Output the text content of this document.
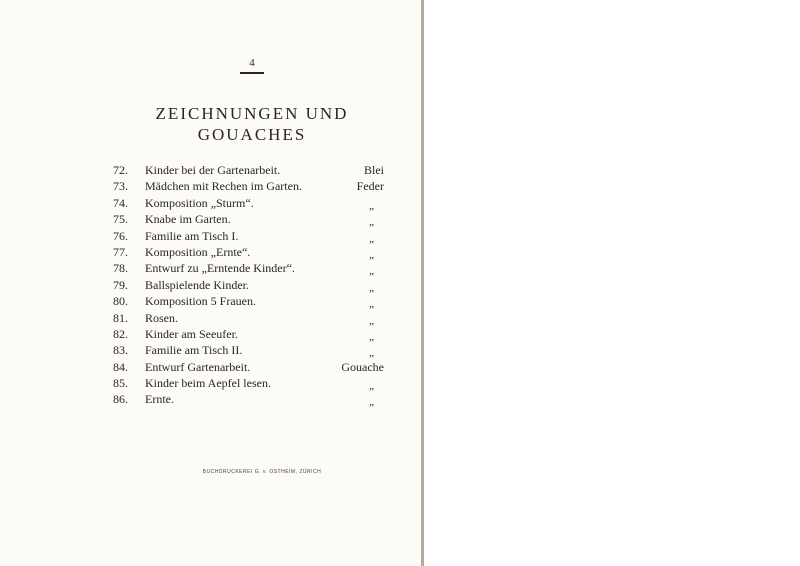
4
ZEICHNUNGEN UND
GOUACHES
72.	Kinder bei der Gartenarbeit.	Blei
73.	Mädchen mit Rechen im Garten.	Feder
74.	Komposition „Sturm“.	„
75.	Knabe im Garten.	„
76.	Familie am Tisch I.	„
77.	Komposition „Ernte“.	„
78.	Entwurf zu „Erntende Kinder“.	„
79.	Ballspielende Kinder.	„
80.	Komposition 5 Frauen.	„
81.	Rosen.	„
82.	Kinder am Seeufer.	„
83.	Familie am Tisch II.	„
84.	Entwurf Gartenarbeit.	Gouache
85.	Kinder beim Aepfel lesen.	„
86.	Ernte.	„
BUCHDRUCKEREI G. v. OSTHEIM, ZÜRICH
